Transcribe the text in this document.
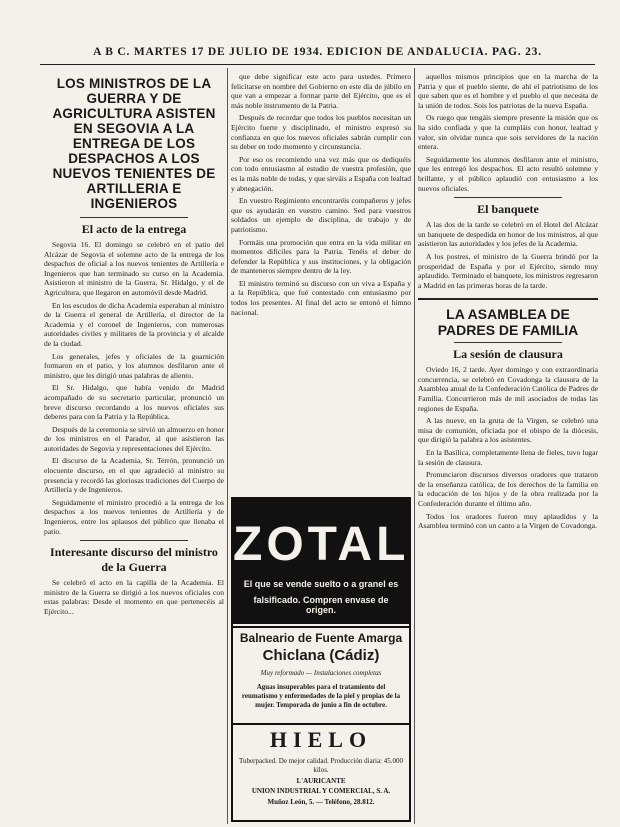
A B C. MARTES 17 DE JULIO DE 1934. EDICION DE ANDALUCIA. PAG. 23.
LOS MINISTROS DE LA GUERRA Y DE AGRICULTURA ASISTEN EN SEGOVIA A LA ENTREGA DE LOS DESPACHOS A LOS NUEVOS TENIENTES DE ARTILLERIA E INGENIEROS
El acto de la entrega

Segovia 16. El domingo se celebró en el patio del Alcázar de Segovia el solemne acto de la entrega de los despachos de oficial a los nuevos tenientes de Artillería e Ingenieros que han terminado su curso en la Academia. Asistieron el ministro de la Guerra, Sr. Hidalgo, y el de Agricultura, que llegaron en automóvil desde Madrid.

En los escudos de dicha Academia esperaban al ministro de la Guerra el general de Artillería, el director de la Academia y el coronel de Ingenieros, con numerosas autoridades civiles y militares de la provincia y el alcalde de la ciudad.

Los generales, jefes y oficiales de la guarnición formaron en el patio, y los alumnos desfilaron ante el ministro, que les dirigió unas palabras de aliento.

El Sr. Hidalgo, que había venido de Madrid acompañado de su secretario particular, pronunció un breve discurso recordando a los nuevos oficiales sus deberes para con la Patria y la República.

Después de la ceremonia se sirvió un almuerzo en honor de los ministros en el Parador, al que asistieron las autoridades de Segovia y representaciones del Ejército.

El discurso de la Academia, Sr. Terrón, pronunció un elocuente discurso, en el que agradeció al ministro su presencia y recordó las gloriosas tradiciones del Cuerpo de Artillería y de Ingenieros.

Seguidamente el ministro procedió a la entrega de los despachos a los nuevos tenientes de Artillería y de Ingenieros, entre los aplausos del público que llenaba el patio.

Interesante discurso del ministro de la Guerra

Se celebró el acto en la capilla de la Academia. El ministro de la Guerra se dirigió a los nuevos oficiales con estas palabras: Desde el momento en que pertenecéis al Ejército...

que debe significar este acto para ustedes. Primero felicitarse en nombre del Gobierno en este día de júbilo en que van a empezar a formar parte del Ejército, que es el más noble instrumento de la Patria.

Después de recordar que todos los pueblos necesitan un Ejército fuerte y disciplinado, el ministro expresó su confianza en que los nuevos oficiales sabrán cumplir con su deber en todo momento y circunstancia.

Por eso os recomiendo una vez más que os dediquéis con todo entusiasmo al estudio de vuestra profesión, que es la más noble de todas, y que sirváis a España con lealtad y abnegación.

En vuestro Regimiento encontraréis compañeros y jefes que os ayudarán en vuestro camino. Sed para vuestros soldados un ejemplo de disciplina, de trabajo y de patriotismo.

Formáis una promoción que entra en la vida militar en momentos difíciles para la Patria. Tenéis el deber de defender la República y sus instituciones, y la obligación de manteneros siempre dentro de la ley.

El ministro terminó su discurso con un viva a España y a la República, que fué contestado con entusiasmo por todos los presentes. Al final del acto se entonó el himno nacional.

ZOTAL
El que se vende suelto o a granel es
falsificado. Compren envase de origen.
Balneario de Fuente Amarga
Chiclana (Cádiz)
Muy reformado — Instalaciones completas
Aguas insuperables para el tratamiento del reumatismo y enfermedades de la piel y propias de la mujer. Temporada de junio a fin de octubre.
HIELO
Tuberpacked. De mejor calidad. Producción diaria: 45.000 kilos.
L'AURICANTE
UNION INDUSTRIAL Y COMERCIAL, S. A.
Muñoz León, 5. — Teléfono, 28.812.

aquellos mismos principios que en la marcha de la Patria y que el pueblo siente, de ahí el patriotismo de los que saben que es el hombre y el pueblo el que necesita de la unión de todos. Sois los patriotas de la nueva España.

Os ruego que tengáis siempre presente la misión que os ha sido confiada y que la cumpláis con honor, lealtad y valor, sin olvidar nunca que sois servidores de la nación entera.

Seguidamente los alumnos desfilaron ante el ministro, que les entregó los despachos. El acto resultó solemne y brillante, y el público aplaudió con entusiasmo a los nuevos oficiales.

El banquete

A las dos de la tarde se celebró en el Hotel del Alcázar un banquete de despedida en honor de los ministros, al que asistieron las autoridades y los jefes de la Academia.

A los postres, el ministro de la Guerra brindó por la prosperidad de España y por el Ejército, siendo muy aplaudido. Terminado el banquete, los ministros regresaron a Madrid en las primeras horas de la tarde.

LA ASAMBLEA DE PADRES DE FAMILIA
La sesión de clausura

Oviedo 16, 2 tarde. Ayer domingo y con extraordinaria concurrencia, se celebró en Covadonga la clausura de la Asamblea anual de la Confederación Católica de Padres de Familia. Concurrieron más de mil asociados de todas las regiones de España.

A las nueve, en la gruta de la Virgen, se celebró una misa de comunión, oficiada por el obispo de la diócesis, que dirigió la palabra a los asistentes.

En la Basílica, completamente llena de fieles, tuvo lugar la sesión de clausura.

Pronunciaron discursos diversos oradores que trataron de la enseñanza católica, de los derechos de la familia en la educación de los hijos y de la obra realizada por la Confederación durante el último año.

Todos los oradores fueron muy aplaudidos y la Asamblea terminó con un canto a la Virgen de Covadonga.
